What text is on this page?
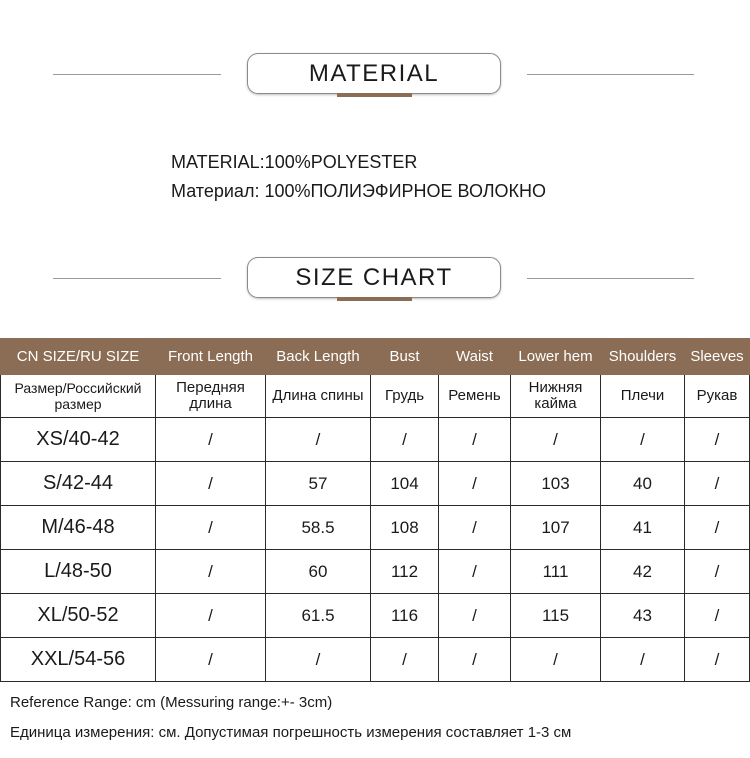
MATERIAL
MATERIAL:100%POLYESTER
Материал: 100%ПОЛИЭФИРНОЕ ВОЛОКНО
SIZE CHART
CN SIZE/RU SIZE	Front Length	Back Length	Bust	Waist	Lower hem	Shoulders	Sleeves
Размер/Российский размер	Передняя длина	Длина спины	Грудь	Ремень	Нижняя кайма	Плечи	Рукав
XS/40-42	/	/	/	/	/	/	/
S/42-44	/	57	104	/	103	40	/
M/46-48	/	58.5	108	/	107	41	/
L/48-50	/	60	112	/	111	42	/
XL/50-52	/	61.5	116	/	115	43	/
XXL/54-56	/	/	/	/	/	/	/
Reference Range: cm (Messuring range:+- 3cm)
Единица измерения: см. Допустимая погрешность измерения составляет 1-3 см
